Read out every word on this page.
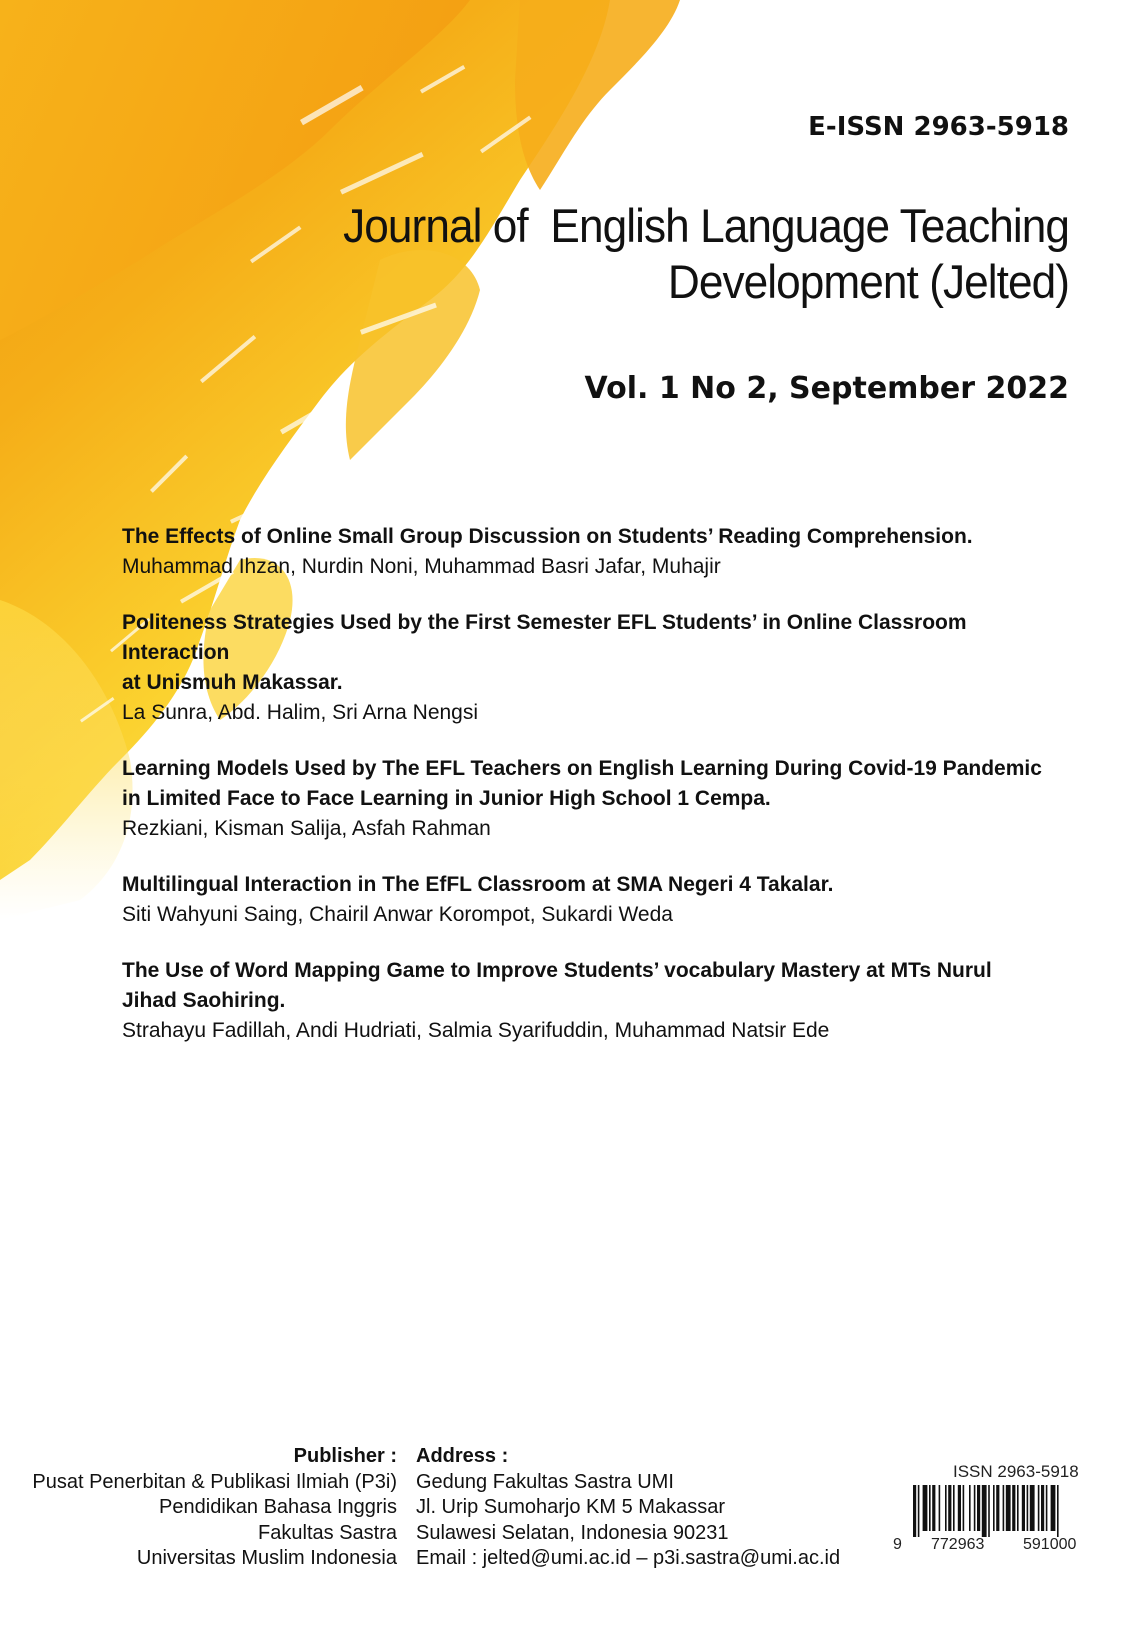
E-ISSN 2963-5918
Journal of  English Language Teaching
Development (Jelted)
Vol. 1 No 2, September 2022
The Effects of Online Small Group Discussion on Students’ Reading Comprehension.
Muhammad Ihzan, Nurdin Noni, Muhammad Basri Jafar, Muhajir
Politeness Strategies Used by the First Semester EFL Students’ in Online Classroom Interaction
at Unismuh Makassar.
La Sunra, Abd. Halim, Sri Arna Nengsi
Learning Models Used by The EFL Teachers on English Learning During Covid-19 Pandemic
in Limited Face to Face Learning in Junior High School 1 Cempa.
Rezkiani, Kisman Salija, Asfah Rahman
Multilingual Interaction in The EfFL Classroom at SMA Negeri 4 Takalar.
Siti Wahyuni Saing, Chairil Anwar Korompot, Sukardi Weda
The Use of Word Mapping Game to Improve Students’ vocabulary Mastery at MTs Nurul
Jihad Saohiring.
Strahayu Fadillah, Andi Hudriati, Salmia Syarifuddin, Muhammad Natsir Ede
Publisher :
Pusat Penerbitan & Publikasi Ilmiah (P3i)
Pendidikan Bahasa Inggris
Fakultas Sastra
Universitas Muslim Indonesia
Address :
Gedung Fakultas Sastra UMI
Jl. Urip Sumoharjo KM 5 Makassar
Sulawesi Selatan, Indonesia 90231
Email : jelted@umi.ac.id – p3i.sastra@umi.ac.id
ISSN 2963-5918
9 772963 591000
